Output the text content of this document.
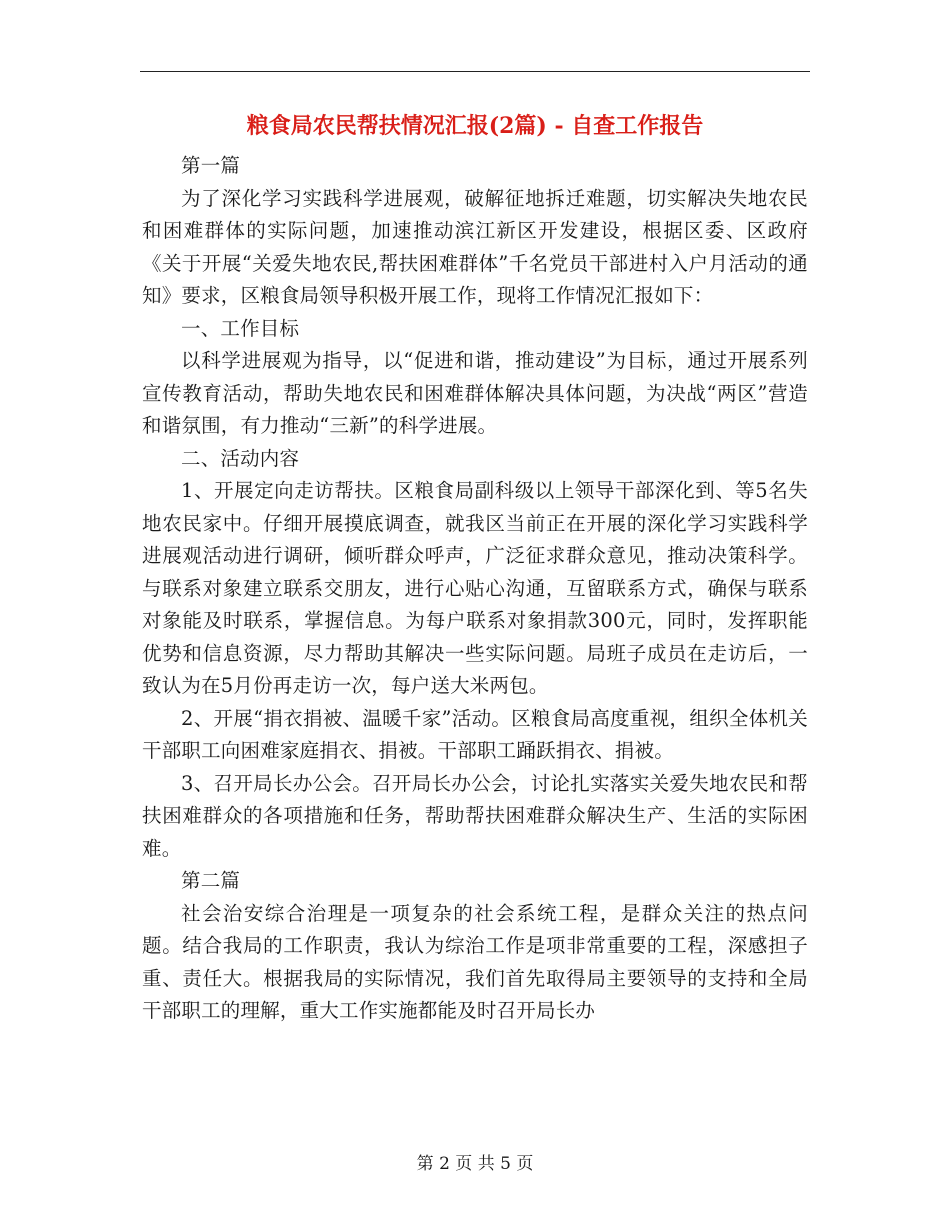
粮食局农民帮扶情况汇报(2篇) - 自查工作报告

第一篇

为了深化学习实践科学进展观，破解征地拆迁难题，切实解决失地农民和困难群体的实际问题，加速推动滨江新区开发建设，根据区委、区政府《关于开展“关爱失地农民,帮扶困难群体”千名党员干部进村入户月活动的通知》要求，区粮食局领导积极开展工作，现将工作情况汇报如下：

一、工作目标

以科学进展观为指导，以“促进和谐，推动建设”为目标，通过开展系列宣传教育活动，帮助失地农民和困难群体解决具体问题，为决战“两区”营造和谐氛围，有力推动“三新”的科学进展。

二、活动内容

1、开展定向走访帮扶。区粮食局副科级以上领导干部深化到、等5名失地农民家中。仔细开展摸底调查，就我区当前正在开展的深化学习实践科学进展观活动进行调研，倾听群众呼声，广泛征求群众意见，推动决策科学。与联系对象建立联系交朋友，进行心贴心沟通，互留联系方式，确保与联系对象能及时联系，掌握信息。为每户联系对象捐款300元，同时，发挥职能优势和信息资源，尽力帮助其解决一些实际问题。局班子成员在走访后，一致认为在5月份再走访一次，每户送大米两包。

2、开展“捐衣捐被、温暖千家”活动。区粮食局高度重视，组织全体机关干部职工向困难家庭捐衣、捐被。干部职工踊跃捐衣、捐被。

3、召开局长办公会。召开局长办公会，讨论扎实落实关爱失地农民和帮扶困难群众的各项措施和任务，帮助帮扶困难群众解决生产、生活的实际困难。

第二篇

社会治安综合治理是一项复杂的社会系统工程，是群众关注的热点问题。结合我局的工作职责，我认为综治工作是项非常重要的工程，深感担子重、责任大。根据我局的实际情况，我们首先取得局主要领导的支持和全局干部职工的理解，重大工作实施都能及时召开局长办

第 2 页 共 5 页
